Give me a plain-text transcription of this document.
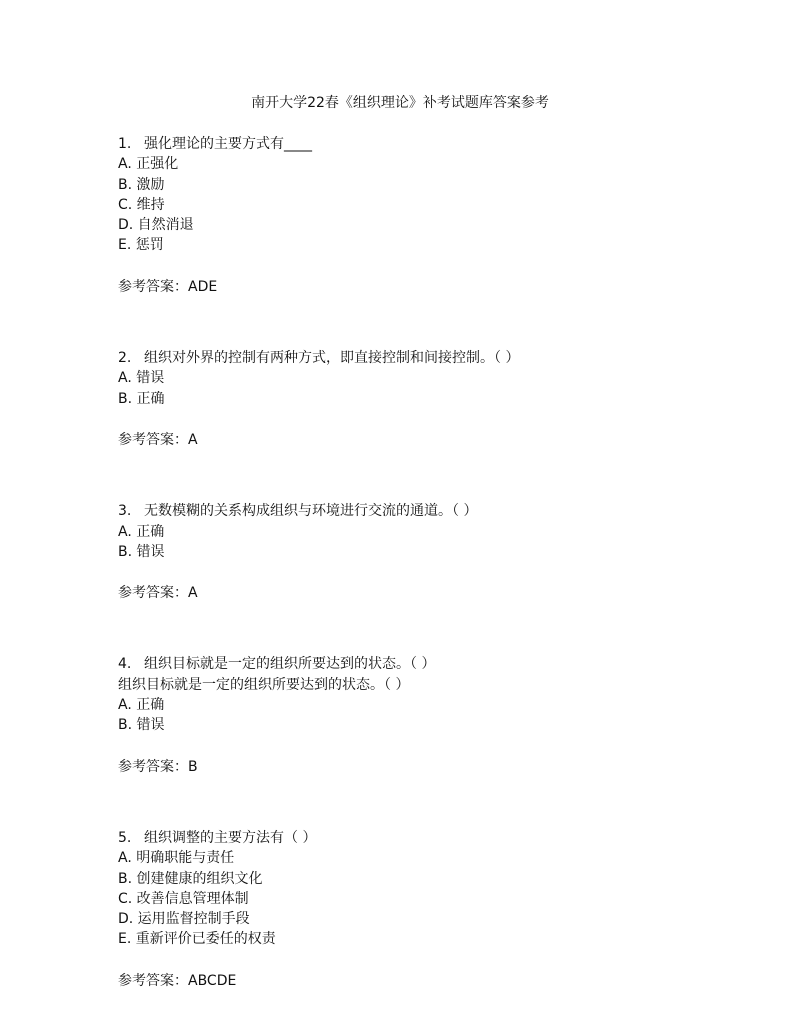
南开大学22春《组织理论》补考试题库答案参考
1. 强化理论的主要方式有____
A. 正强化
B. 激励
C. 维持
D. 自然消退
E. 惩罚
参考答案：ADE
2. 组织对外界的控制有两种方式，即直接控制和间接控制。（ ）
A. 错误
B. 正确
参考答案：A
3. 无数模糊的关系构成组织与环境进行交流的通道。（ ）
A. 正确
B. 错误
参考答案：A
4. 组织目标就是一定的组织所要达到的状态。（ ）
组织目标就是一定的组织所要达到的状态。（ ）
A. 正确
B. 错误
参考答案：B
5. 组织调整的主要方法有（ ）
A. 明确职能与责任
B. 创建健康的组织文化
C. 改善信息管理体制
D. 运用监督控制手段
E. 重新评价已委任的权责
参考答案：ABCDE
